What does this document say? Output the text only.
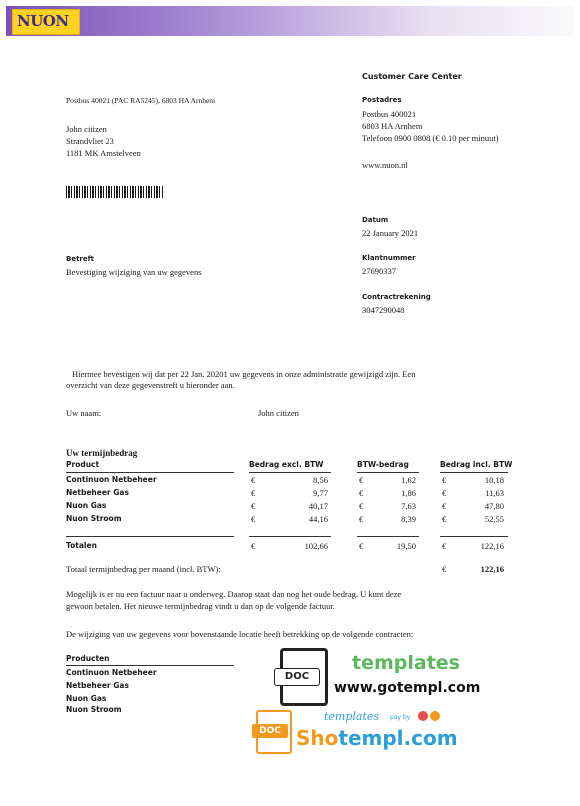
NUON
Postbus 40021 (PAC RA5245), 6803 HA Arnhem
John citizen
Strandvliet 23
1181 MK Amstelveen
Customer Care Center
Postadres
Postbus 400021
6803 HA Arnhem
Telefoon 0900 0808 (€ 0.10 per minuut)
www.nuon.nl
Datum
22 January 2021
Klantnummer
27690337
Contractrekening
3047290048
Betreft
Bevestiging wijziging van uw gegevens
Hiermee bevestigen wij dat per 22 Jan. 20201 uw gegevens in onze administratie gewijzigd zijn. Een
overzicht van deze gegevenstreft u hieronder aan.
Uw naam:	John citizen
Uw termijnbedrag
Product	Bedrag excl. BTW	BTW-bedrag	Bedrag incl. BTW
Continuon Netbeheer	€	8,56	€	1,62	€	10,18
Netbeheer Gas	€	9,77	€	1,86	€	11,63
Nuon Gas	€	40,17	€	7,63	€	47,80
Nuon Stroom	€	44,16	€	8,39	€	52,55
Totalen	€	102,66	€	19,50	€	122,16
Totaal termijnbedrag per maand (incl. BTW):	€	122,16
Mogelijk is er nu een factuur naar u onderweg. Daarop staat dan nog het oude bedrag. U kunt deze
gewoon betalen. Het nieuwe termijnbedrag vindt u dan op de volgende factuur.
De wijziging van uw gegevens voor bovenstaande locatie heeft betrekking op de volgende contracten:
Producten
Continuon Netbeheer
Netbeheer Gas
Nuon Gas
Nuon Stroom
DOC
templates
www.gotempl.com
DOC
templates pay by
Shotempl.com
